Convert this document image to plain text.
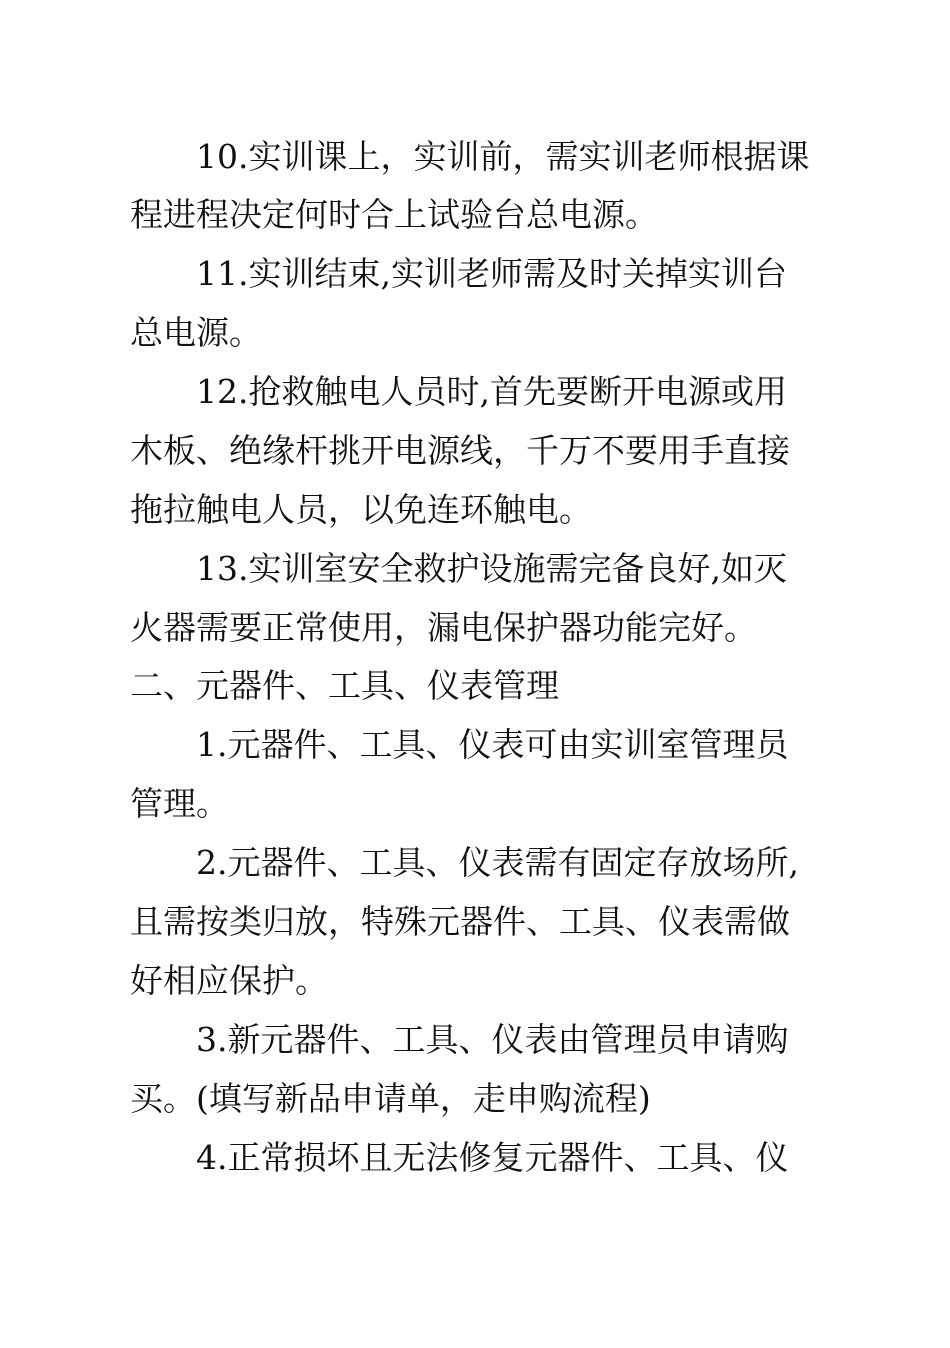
10.实训课上，实训前，需实训老师根据课

程进程决定何时合上试验台总电源。

11.实训结束,实训老师需及时关掉实训台

总电源。

12.抢救触电人员时,首先要断开电源或用

木板、绝缘杆挑开电源线，千万不要用手直接

拖拉触电人员，以免连环触电。

13.实训室安全救护设施需完备良好,如灭

火器需要正常使用，漏电保护器功能完好。

二、元器件、工具、仪表管理

1.元器件、工具、仪表可由实训室管理员

管理。

2.元器件、工具、仪表需有固定存放场所,

且需按类归放，特殊元器件、工具、仪表需做

好相应保护。

3.新元器件、工具、仪表由管理员申请购

买。(填写新品申请单，走申购流程)

4.正常损坏且无法修复元器件、工具、仪
